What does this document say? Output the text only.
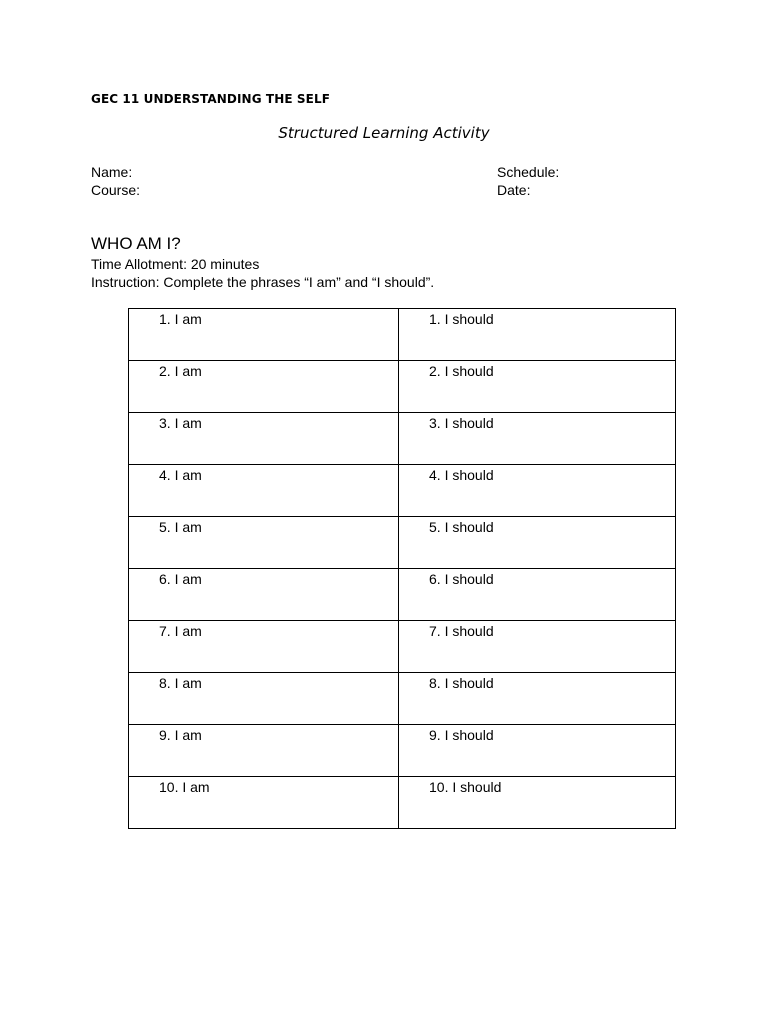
GEC 11 UNDERSTANDING THE SELF
Structured Learning Activity
Name:
Course:
Schedule:
Date:
WHO AM I?
Time Allotment: 20 minutes
Instruction: Complete the phrases “I am” and “I should”.
1. I am	1. I should
2. I am	2. I should
3. I am	3. I should
4. I am	4. I should
5. I am	5. I should
6. I am	6. I should
7. I am	7. I should
8. I am	8. I should
9. I am	9. I should
10. I am	10. I should
